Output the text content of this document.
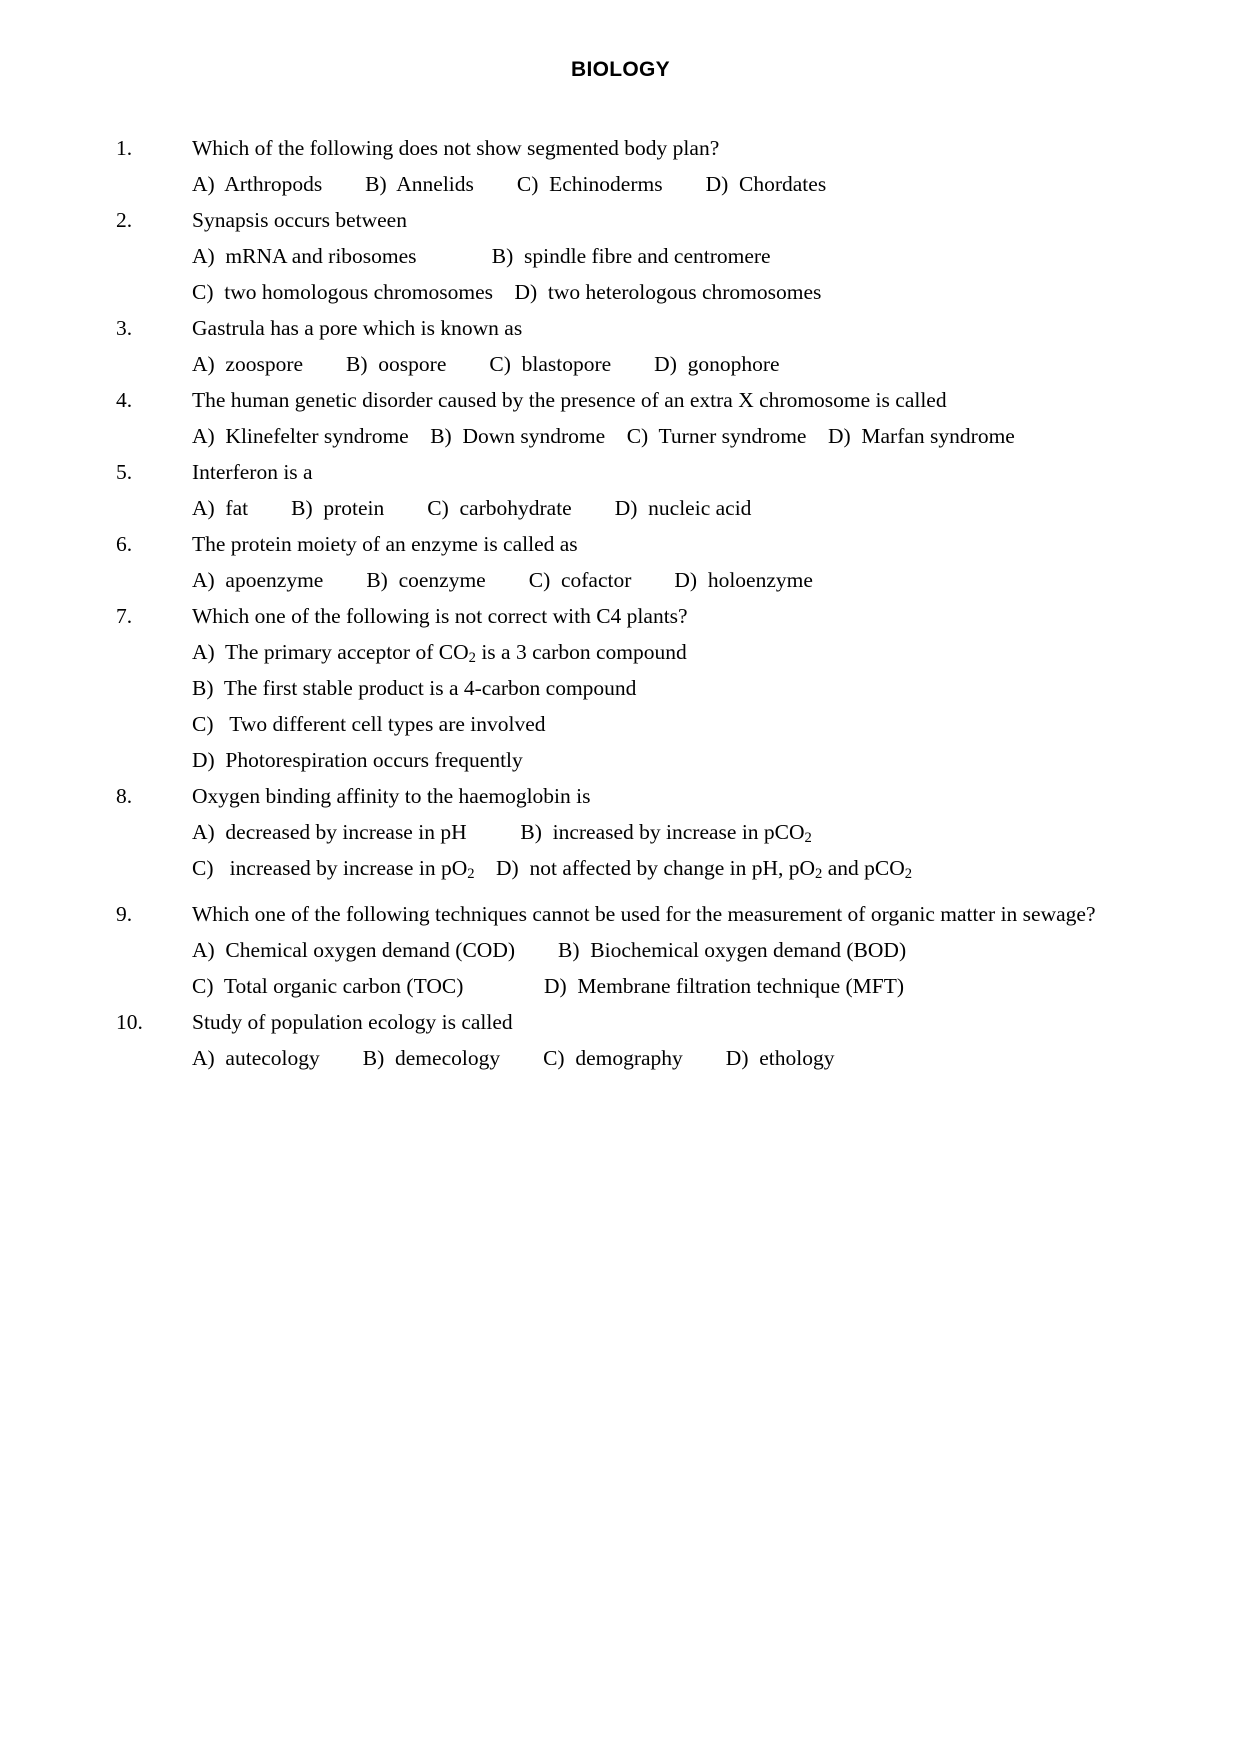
BIOLOGY
1.	Which of the following does not show segmented body plan?
A)  Arthropods        B)  Annelids        C)  Echinoderms        D)  Chordates
2.	Synapsis occurs between
A)  mRNA and ribosomes              B)  spindle fibre and centromere
C)  two homologous chromosomes    D)  two heterologous chromosomes
3.	Gastrula has a pore which is known as
A)  zoospore        B)  oospore        C)  blastopore        D)  gonophore
4.	The human genetic disorder caused by the presence of an extra X chromosome is called
A)  Klinefelter syndrome    B)  Down syndrome    C)  Turner syndrome    D)  Marfan syndrome
5.	Interferon is a
A)  fat        B)  protein        C)  carbohydrate        D)  nucleic acid
6.	The protein moiety of an enzyme is called as
A)  apoenzyme        B)  coenzyme        C)  cofactor        D)  holoenzyme
7.	Which one of the following is not correct with C4 plants?
A)  The primary acceptor of $CO_2$ is a 3 carbon compound
B)  The first stable product is a 4-carbon compound
C)   Two different cell types are involved
D)  Photorespiration occurs frequently
8.	Oxygen binding affinity to the haemoglobin is
A)  decreased by increase in pH          B)  increased by increase in pCO$_2$
C)   increased by increase in $pO_2$    D)  not affected by change in pH, $pO_2$ and pCO$_2$
9.	Which one of the following techniques cannot be used for the measurement of organic matter in sewage?
A)  Chemical oxygen demand (COD)        B)  Biochemical oxygen demand (BOD)
C)  Total organic carbon (TOC)               D)  Membrane filtration technique (MFT)
10.	Study of population ecology is called
A)  autecology        B)  demecology        C)  demography        D)  ethology
